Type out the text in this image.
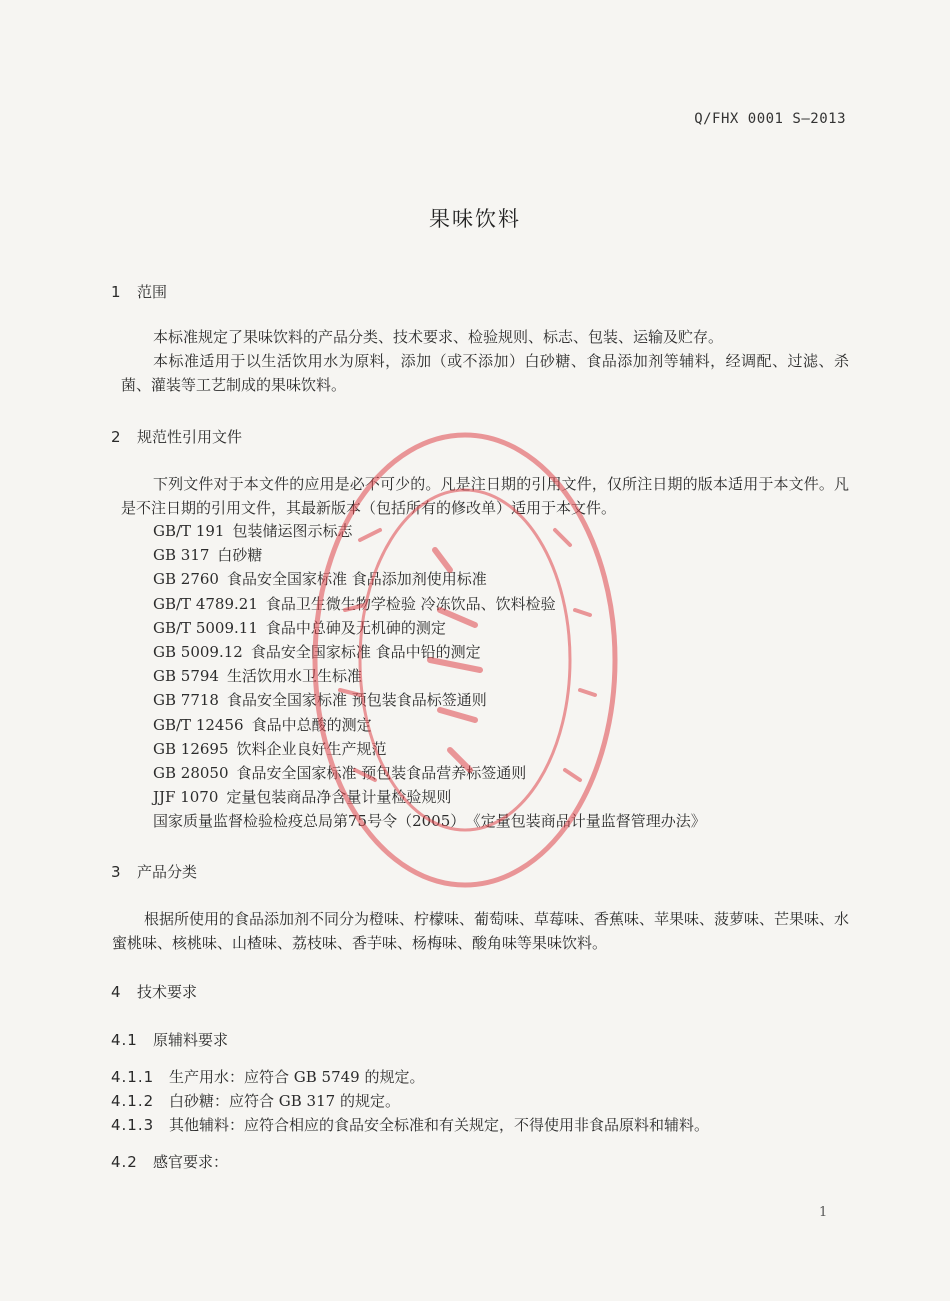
Q/FHX 0001 S—2013
果味饮料
1 范围

本标准规定了果味饮料的产品分类、技术要求、检验规则、标志、包装、运输及贮存。

本标准适用于以生活饮用水为原料，添加（或不添加）白砂糖、食品添加剂等辅料，经调配、过滤、杀菌、灌装等工艺制成的果味饮料。

2 规范性引用文件

下列文件对于本文件的应用是必不可少的。凡是注日期的引用文件，仅所注日期的版本适用于本文件。凡是不注日期的引用文件，其最新版本（包括所有的修改单）适用于本文件。

GB/T 191 包装储运图示标志
GB 317 白砂糖
GB 2760 食品安全国家标准 食品添加剂使用标准
GB/T 4789.21 食品卫生微生物学检验 冷冻饮品、饮料检验
GB/T 5009.11 食品中总砷及无机砷的测定
GB 5009.12 食品安全国家标准 食品中铅的测定
GB 5794 生活饮用水卫生标准
GB 7718 食品安全国家标准 预包装食品标签通则
GB/T 12456 食品中总酸的测定
GB 12695 饮料企业良好生产规范
GB 28050 食品安全国家标准 预包装食品营养标签通则
JJF 1070 定量包装商品净含量计量检验规则
国家质量监督检验检疫总局第75号令（2005） 《定量包装商品计量监督管理办法》
3 产品分类

根据所使用的食品添加剂不同分为橙味、柠檬味、葡萄味、草莓味、香蕉味、苹果味、菠萝味、芒果味、水蜜桃味、核桃味、山楂味、荔枝味、香芋味、杨梅味、酸角味等果味饮料。

4 技术要求
4.1 原辅料要求
4.1.1 生产用水：应符合 GB 5749 的规定。
4.1.2 白砂糖：应符合 GB 317 的规定。
4.1.3 其他辅料：应符合相应的食品安全标准和有关规定，不得使用非食品原料和辅料。
4.2 感官要求：
1
